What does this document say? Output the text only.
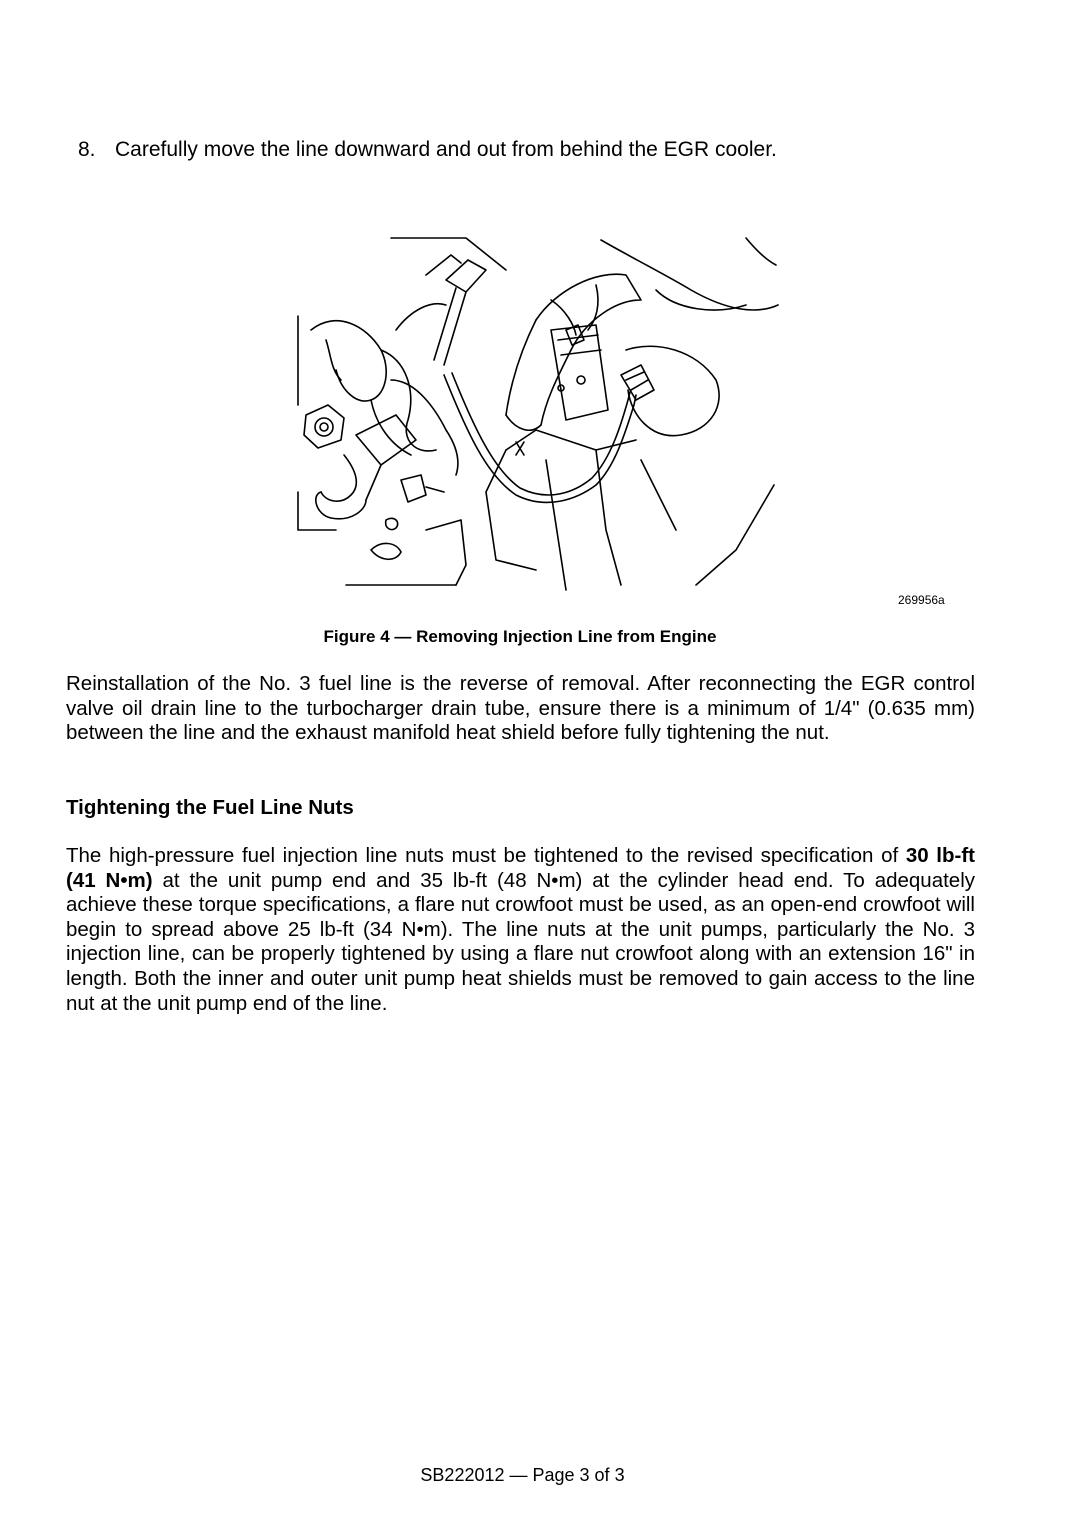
8. Carefully move the line downward and out from behind the EGR cooler.
269956a
Figure 4 — Removing Injection Line from Engine

Reinstallation of the No. 3 fuel line is the reverse of removal. After reconnecting the EGR control valve oil drain line to the turbocharger drain tube, ensure there is a minimum of 1/4" (0.635 mm) between the line and the exhaust manifold heat shield before fully tightening the nut.

Tightening the Fuel Line Nuts

The high-pressure fuel injection line nuts must be tightened to the revised specification of 30 lb-ft (41 N•m) at the unit pump end and 35 lb-ft (48 N•m) at the cylinder head end. To adequately achieve these torque specifications, a flare nut crowfoot must be used, as an open-end crowfoot will begin to spread above 25 lb-ft (34 N•m). The line nuts at the unit pumps, particularly the No. 3 injection line, can be properly tightened by using a flare nut crowfoot along with an extension 16" in length. Both the inner and outer unit pump heat shields must be removed to gain access to the line nut at the unit pump end of the line.

SB222012 — Page 3 of 3
